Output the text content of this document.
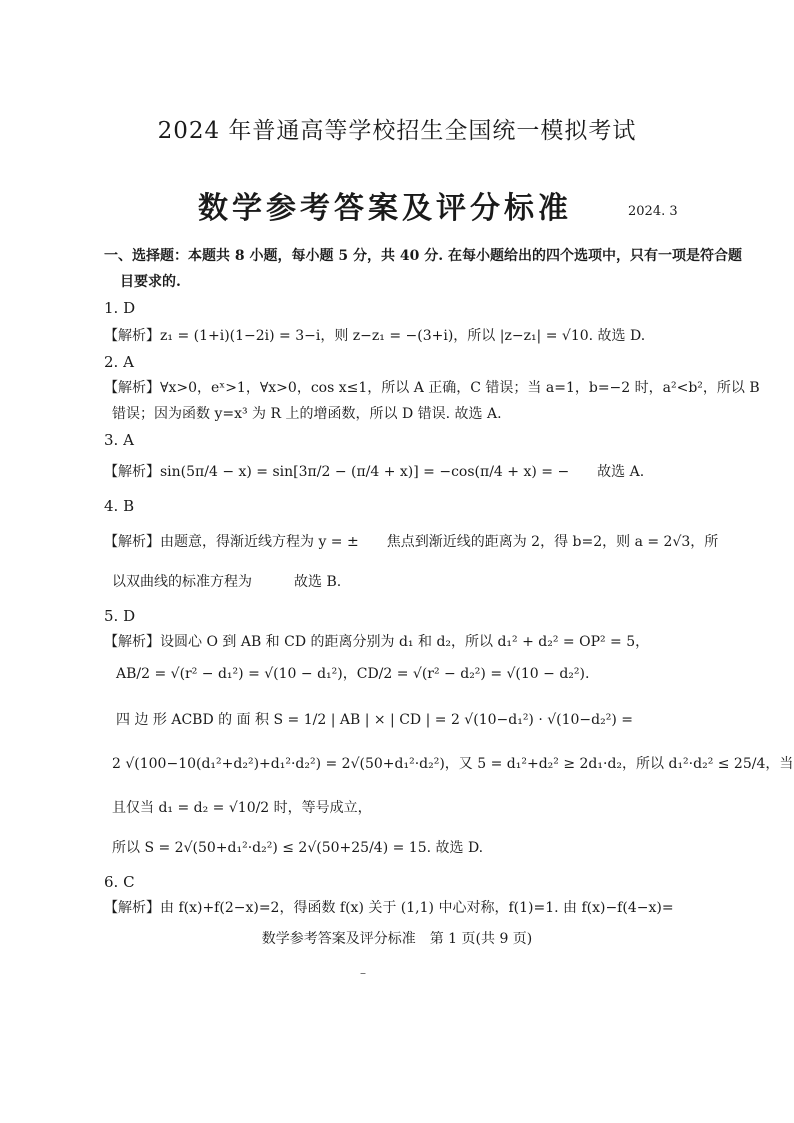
2024 年普通高等学校招生全国统一模拟考试
数学参考答案及评分标准	2024. 3
一、选择题：本题共 8 小题，每小题 5 分，共 40 分. 在每小题给出的四个选项中，只有一项是符合题
目要求的.
1. D
【解析】z₁ = (1+i)(1−2i) = 3−i，则 z−z₁ = −(3+i)，所以 |z−z₁| = √10. 故选 D.
2. A
【解析】∀x>0，eˣ>1，∀x>0，cos x≤1，所以 A 正确，C 错误；当 a=1，b=−2 时，a²<b²，所以 B
错误；因为函数 y=x³ 为 R 上的增函数，所以 D 错误. 故选 A.
3. A
【解析】sin(5π/4 − x) = sin[3π/2 − (π/4 + x)] = −cos(π/4 + x) = −　　故选 A.
4. B
【解析】由题意，得渐近线方程为 y = ±　　焦点到渐近线的距离为 2，得 b=2，则 a = 2√3，所
以双曲线的标准方程为　　　故选 B.
5. D
【解析】设圆心 O 到 AB 和 CD 的距离分别为 d₁ 和 d₂，所以 d₁² + d₂² = OP² = 5，
AB/2 = √(r² − d₁²) = √(10 − d₁²)，CD/2 = √(r² − d₂²) = √(10 − d₂²).
四 边 形 ACBD 的 面 积 S = 1/2 | AB | × | CD | = 2 √(10−d₁²) · √(10−d₂²) =
2 √(100−10(d₁²+d₂²)+d₁²·d₂²) = 2√(50+d₁²·d₂²)，又 5 = d₁²+d₂² ≥ 2d₁·d₂，所以 d₁²·d₂² ≤ 25/4，当
且仅当 d₁ = d₂ = √10/2 时，等号成立，
所以 S = 2√(50+d₁²·d₂²) ≤ 2√(50+25/4) = 15. 故选 D.
6. C
【解析】由 f(x)+f(2−x)=2，得函数 f(x) 关于 (1,1) 中心对称，f(1)=1. 由 f(x)−f(4−x)=
数学参考答案及评分标准　第 1 页(共 9 页)
–
